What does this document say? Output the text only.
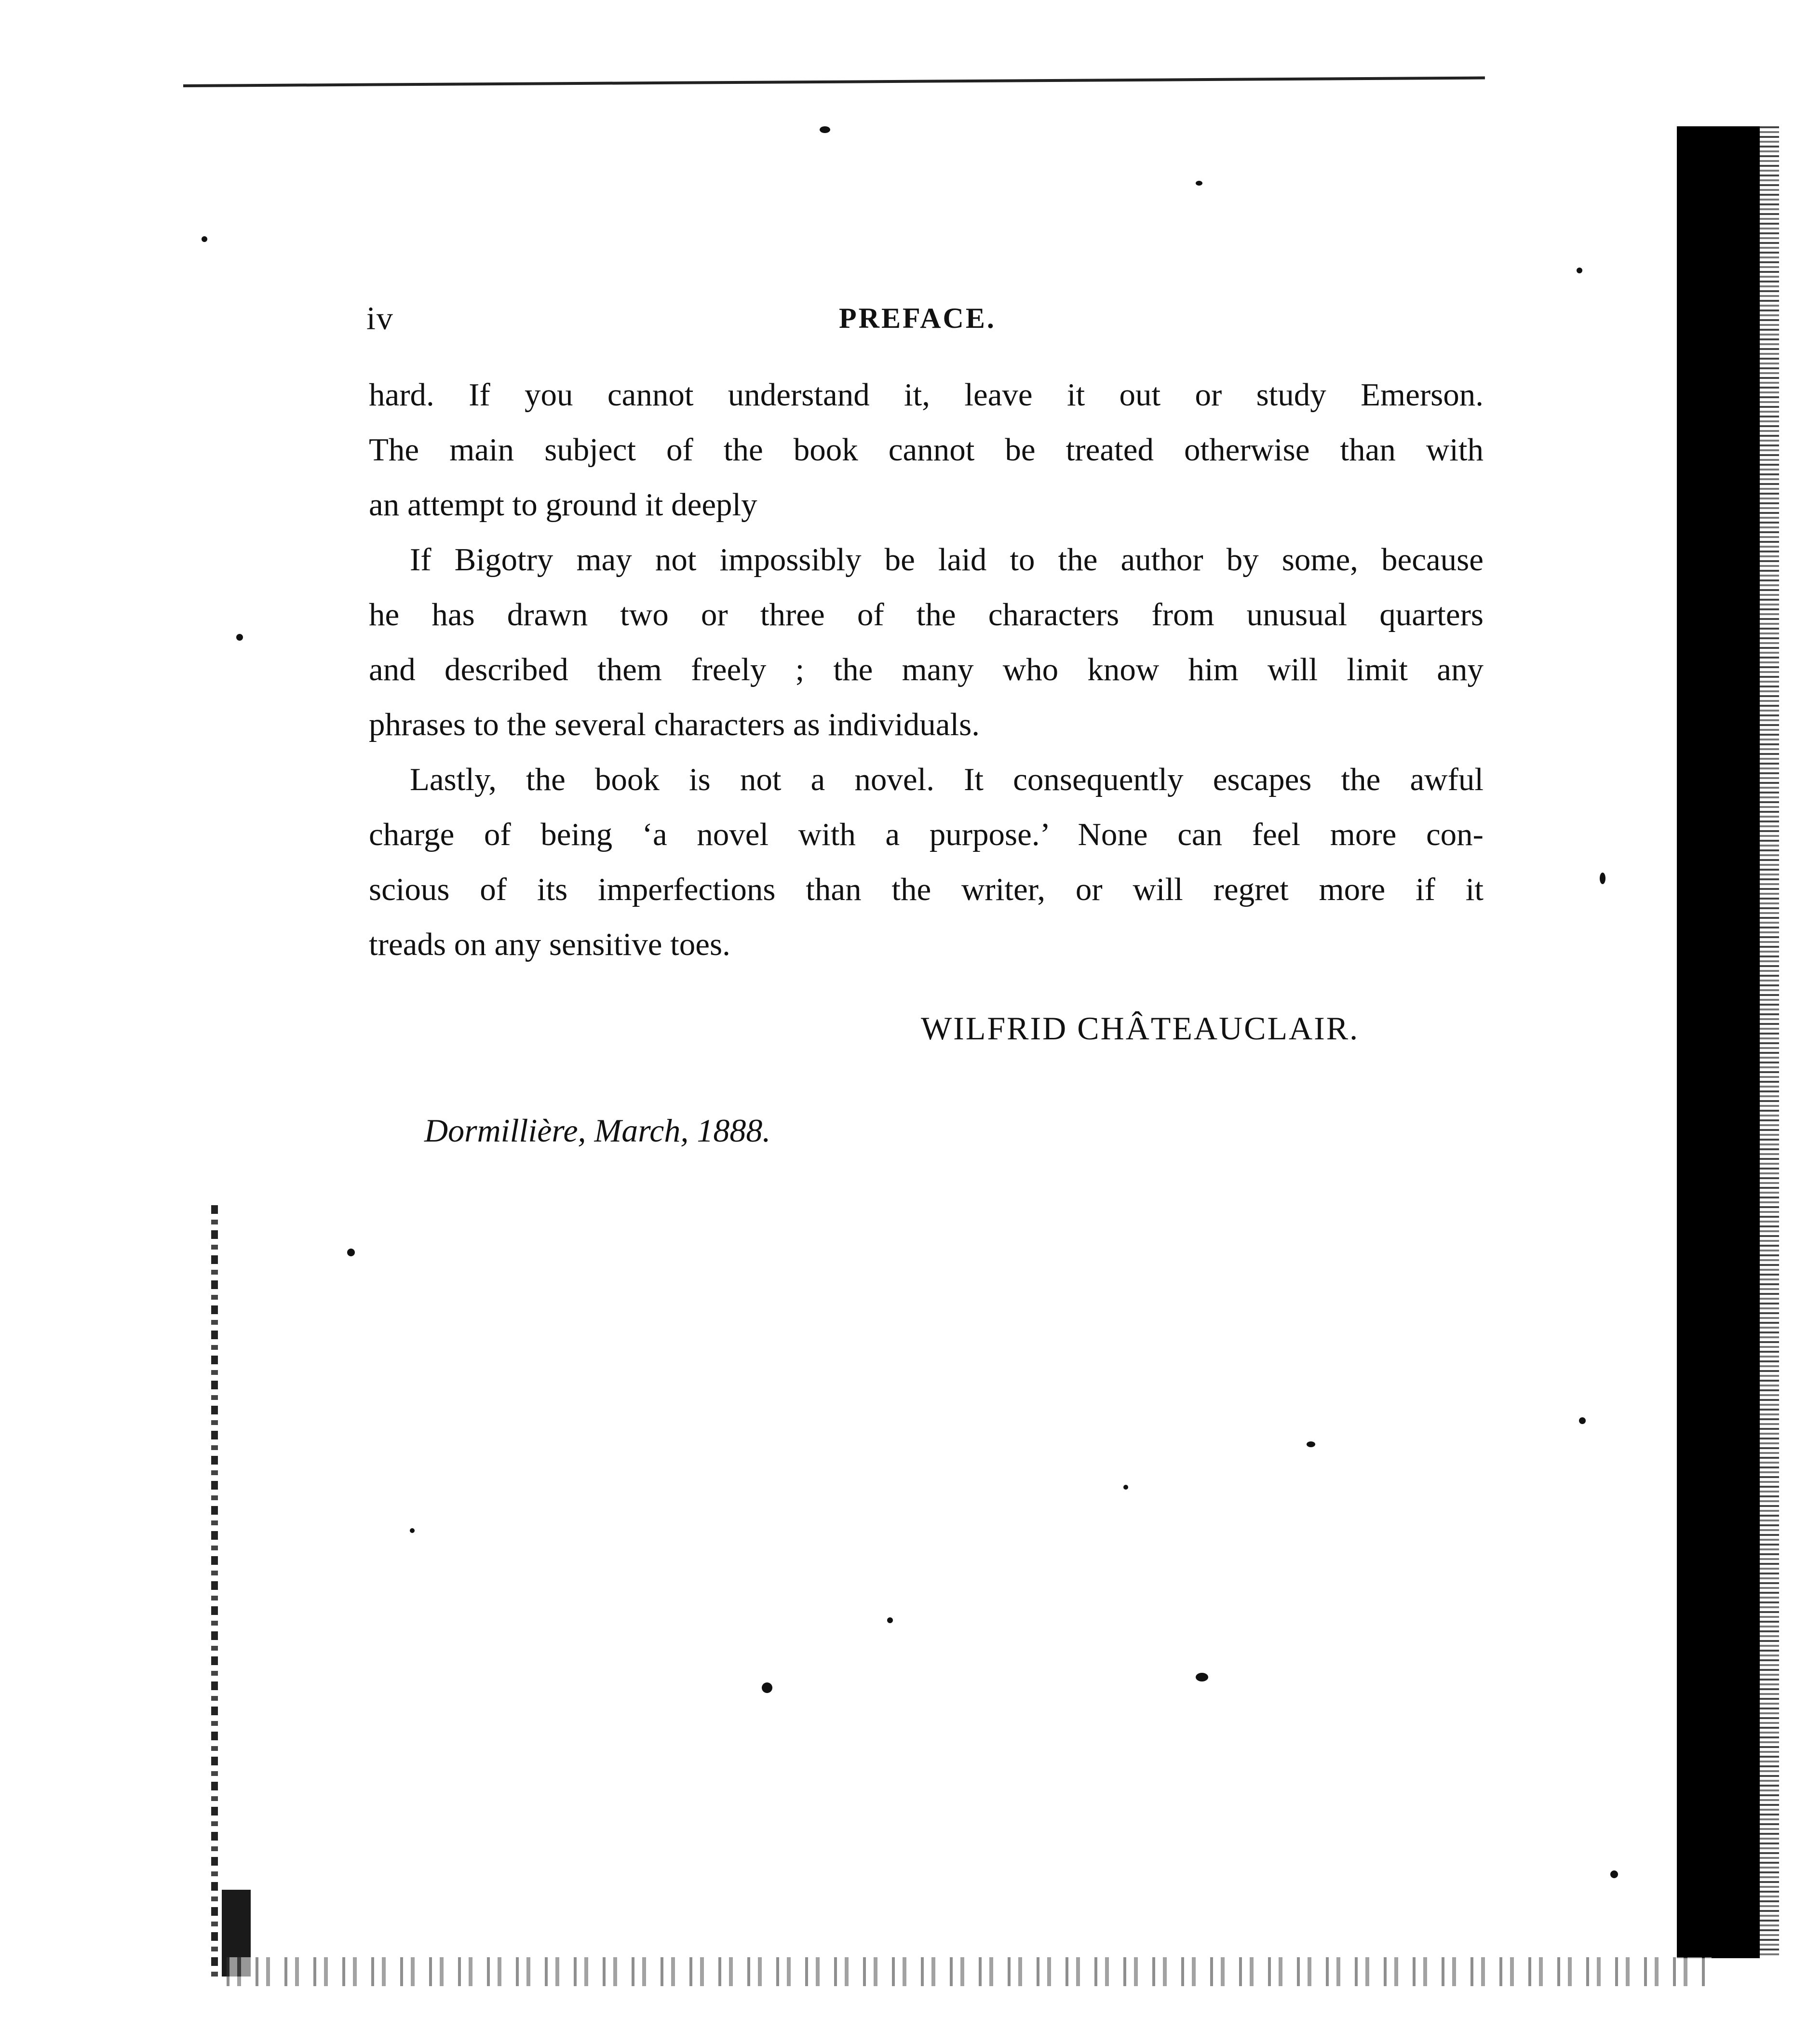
iv	PREFACE.

hard. If you cannot understand it, leave it out or study Emerson.
The main subject of the book cannot be treated otherwise than with
an attempt to ground it deeply

If Bigotry may not impossibly be laid to the author by some, because
he has drawn two or three of the characters from unusual quarters
and described them freely ; the many who know him will limit any
phrases to the several characters as individuals.

Lastly, the book is not a novel. It consequently escapes the awful
charge of being ‘a novel with a purpose.’ None can feel more con-
scious of its imperfections than the writer, or will regret more if it
treads on any sensitive toes.

WILFRID CHÂTEAUCLAIR.
Dormillière, March, 1888.
